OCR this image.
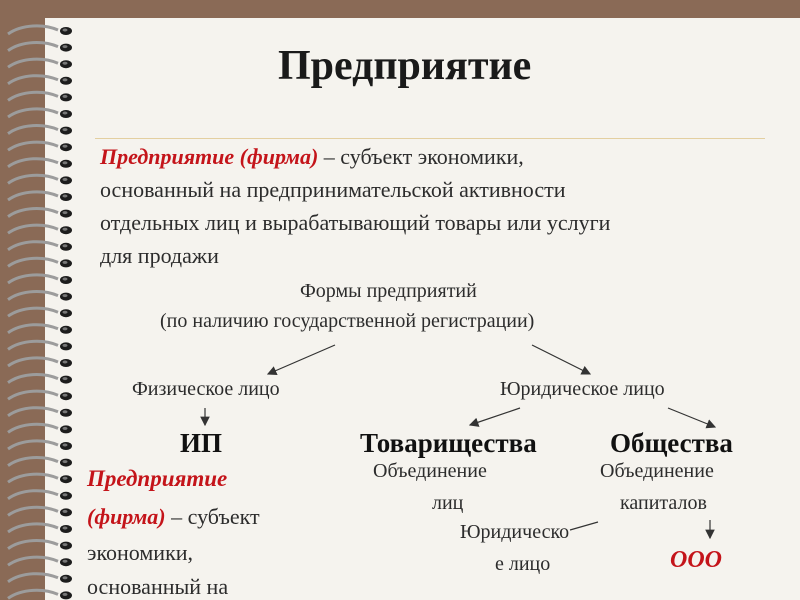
Предприятие
Предприятие (фирма) – субъект экономики,
основанный на предпринимательской активности
отдельных лиц и вырабатывающий товары или услуги
для продажи
Формы предприятий
(по наличию государственной регистрации)
Физическое лицо	Юридическое лицо
ИП	Товарищества	Общества
Объединение
лиц
Объединение
капиталов
Юридическо
е лицо	ООО
Предприятие
(фирма) – субъект
экономики,
основанный на
